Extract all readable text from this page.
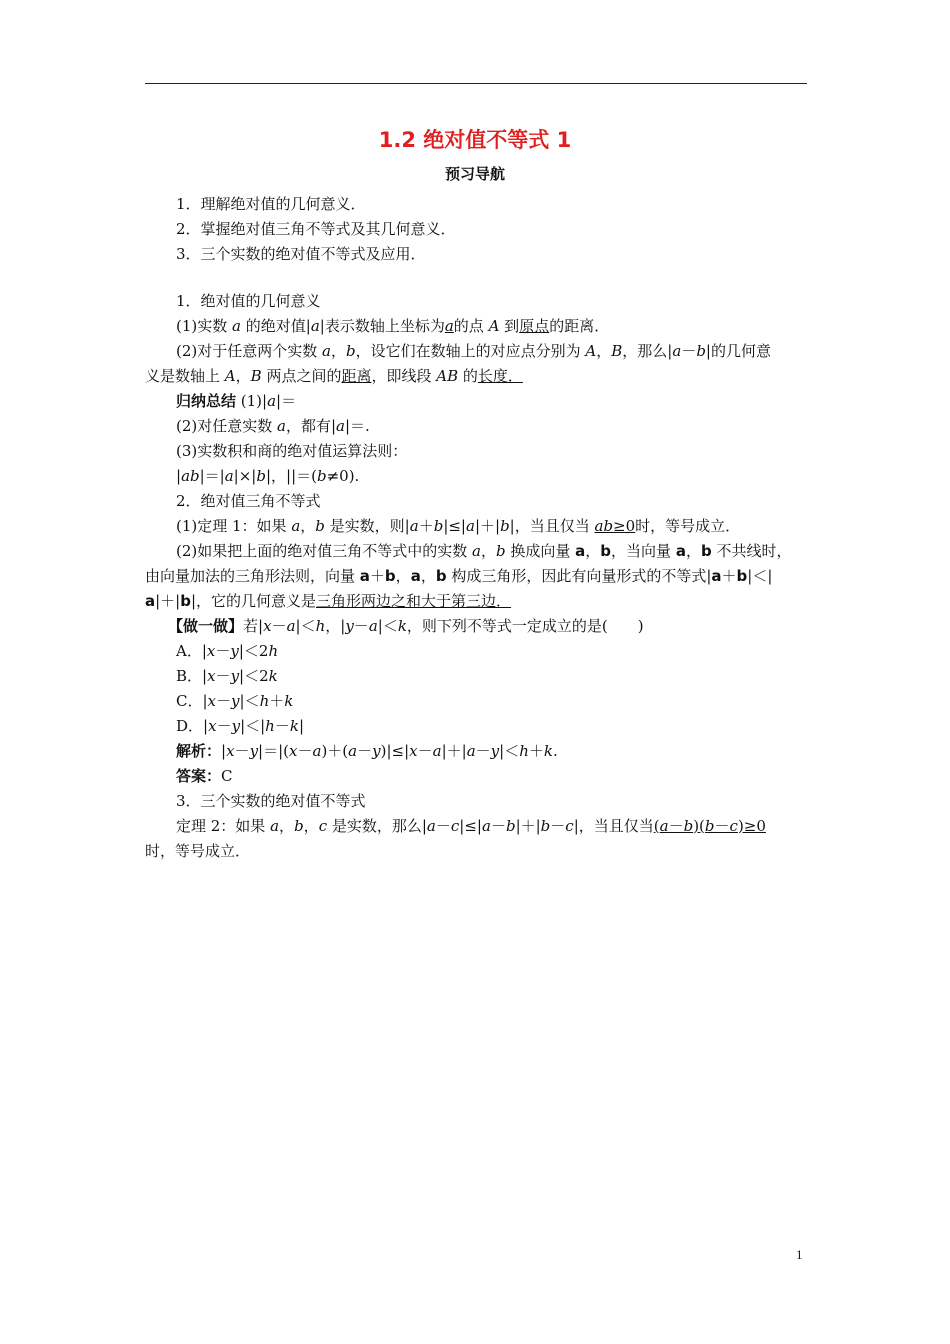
1.2 绝对值不等式 1
预习导航
1．理解绝对值的几何意义．
2．掌握绝对值三角不等式及其几何意义．
3．三个实数的绝对值不等式及应用．
1．绝对值的几何意义
(1)实数 a 的绝对值|a|表示数轴上坐标为a的点 A 到原点的距离．
(2)对于任意两个实数 a，b，设它们在数轴上的对应点分别为 A，B，那么|a－b|的几何意
义是数轴上 A，B 两点之间的距离，即线段 AB 的长度．
归纳总结 (1)|a|＝
(2)对任意实数 a，都有|a|＝.
(3)实数积和商的绝对值运算法则：
|ab|＝|a|×|b|，||＝(b≠0).
2．绝对值三角不等式
(1)定理 1：如果 a，b 是实数，则|a＋b|≤|a|＋|b|，当且仅当 ab≥0时，等号成立．
(2)如果把上面的绝对值三角不等式中的实数 a，b 换成向量 a，b，当向量 a，b 不共线时，
由向量加法的三角形法则，向量 a＋b，a，b 构成三角形，因此有向量形式的不等式|a＋b|＜|
a|＋|b|，它的几何意义是三角形两边之和大于第三边．
【做一做】若|x－a|＜h，|y－a|＜k，则下列不等式一定成立的是(　　)
A．|x－y|＜2h
B．|x－y|＜2k
C．|x－y|＜h＋k
D．|x－y|＜|h－k|
解析：|x－y|＝|(x－a)＋(a－y)|≤|x－a|＋|a－y|＜h＋k.
答案：C
3．三个实数的绝对值不等式
定理 2：如果 a，b，c 是实数，那么|a－c|≤|a－b|＋|b－c|，当且仅当(a－b)(b－c)≥0
时，等号成立．
1
